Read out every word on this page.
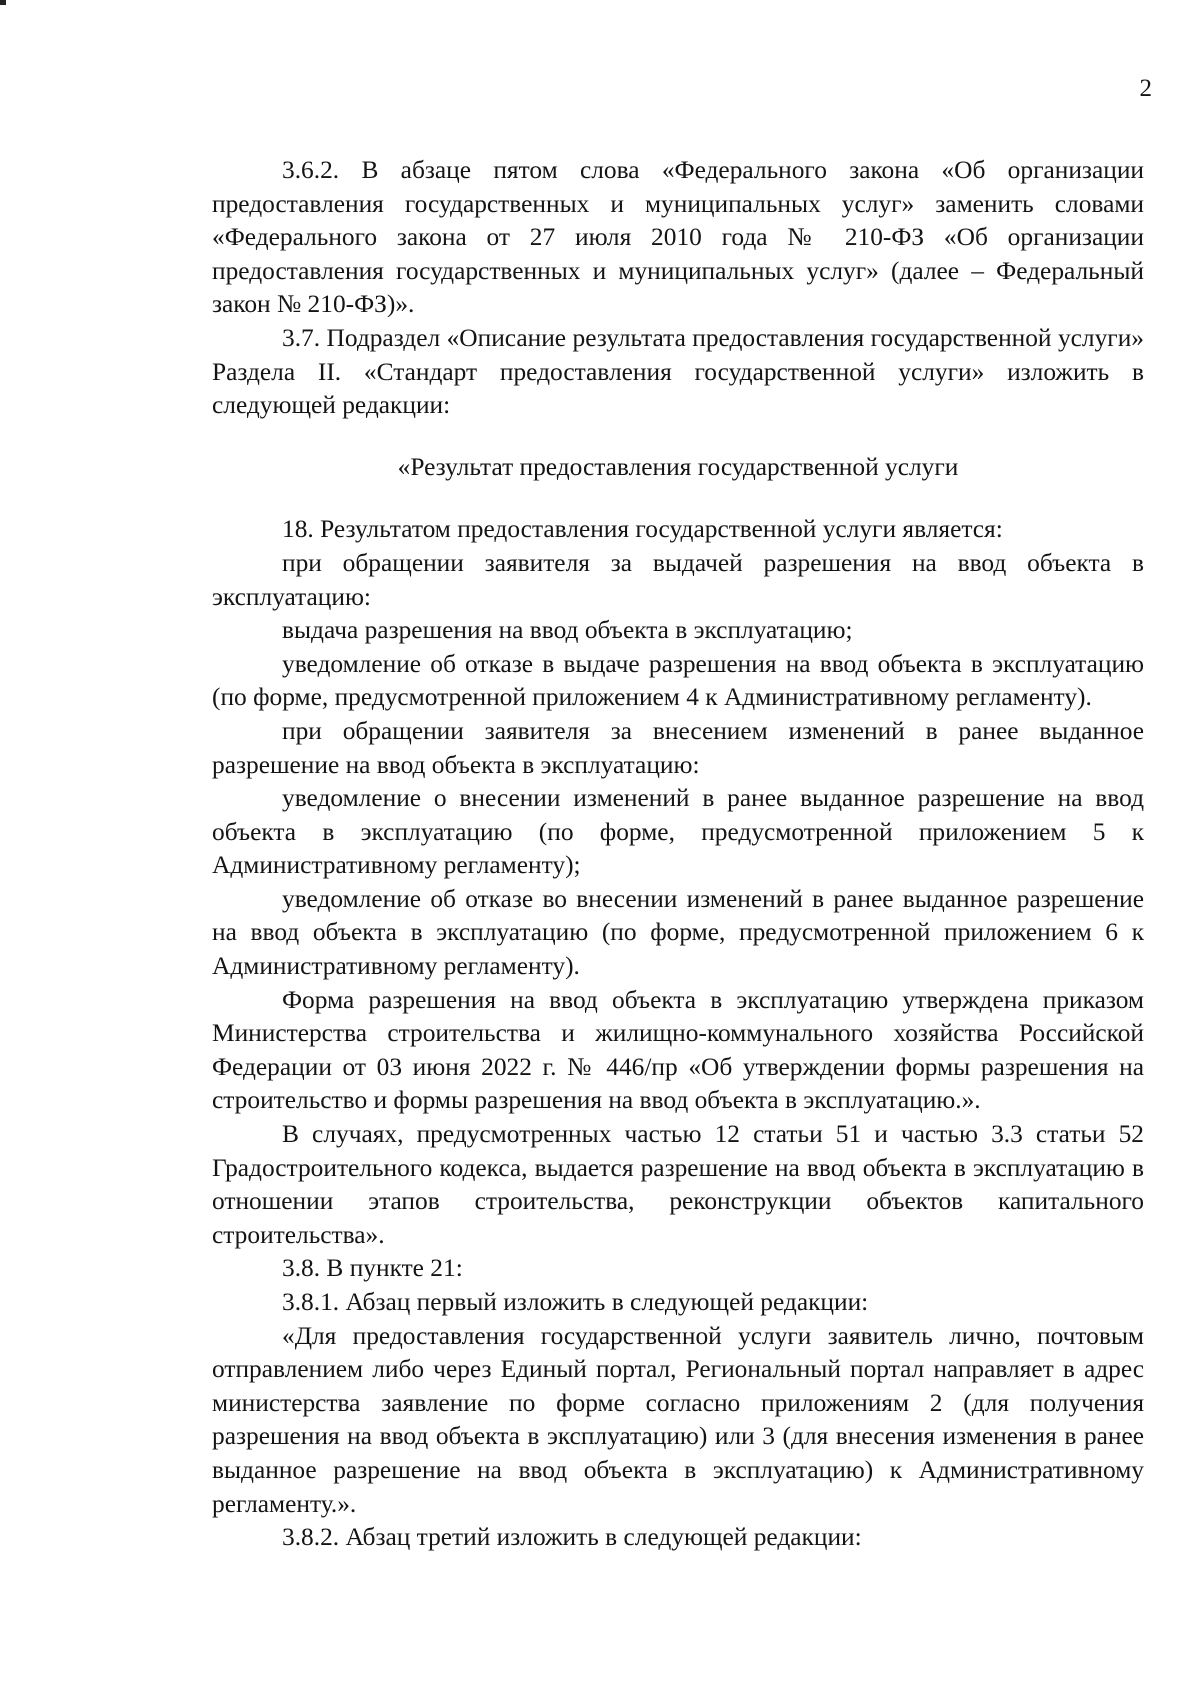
2

3.6.2. В абзаце пятом слова «Федерального закона «Об организации предоставления государственных и муниципальных услуг» заменить словами «Федерального закона от 27 июля 2010 года № 210-ФЗ «Об организации предоставления государственных и муниципальных услуг» (далее – Федеральный закон № 210-ФЗ)».

3.7. Подраздел «Описание результата предоставления государственной услуги» Раздела II. «Стандарт предоставления государственной услуги» изложить в следующей редакции:

«Результат предоставления государственной услуги

18. Результатом предоставления государственной услуги является:

при обращении заявителя за выдачей разрешения на ввод объекта в эксплуатацию:

выдача разрешения на ввод объекта в эксплуатацию;

уведомление об отказе в выдаче разрешения на ввод объекта в эксплуатацию (по форме, предусмотренной приложением 4 к Административному регламенту).

при обращении заявителя за внесением изменений в ранее выданное разрешение на ввод объекта в эксплуатацию:

уведомление о внесении изменений в ранее выданное разрешение на ввод объекта в эксплуатацию (по форме, предусмотренной приложением 5 к Административному регламенту);

уведомление об отказе во внесении изменений в ранее выданное разрешение на ввод объекта в эксплуатацию (по форме, предусмотренной приложением 6 к Административному регламенту).

Форма разрешения на ввод объекта в эксплуатацию утверждена приказом Министерства строительства и жилищно-коммунального хозяйства Российской Федерации от 03 июня 2022 г. № 446/пр «Об утверждении формы разрешения на строительство и формы разрешения на ввод объекта в эксплуатацию.».

В случаях, предусмотренных частью 12 статьи 51 и частью 3.3 статьи 52 Градостроительного кодекса, выдается разрешение на ввод объекта в эксплуатацию в отношении этапов строительства, реконструкции объектов капитального строительства».

3.8. В пункте 21:

3.8.1. Абзац первый изложить в следующей редакции:

«Для предоставления государственной услуги заявитель лично, почтовым отправлением либо через Единый портал, Региональный портал направляет в адрес министерства заявление по форме согласно приложениям 2 (для получения разрешения на ввод объекта в эксплуатацию) или 3 (для внесения изменения в ранее выданное разрешение на ввод объекта в эксплуатацию) к Административному регламенту.».

3.8.2. Абзац третий изложить в следующей редакции:
